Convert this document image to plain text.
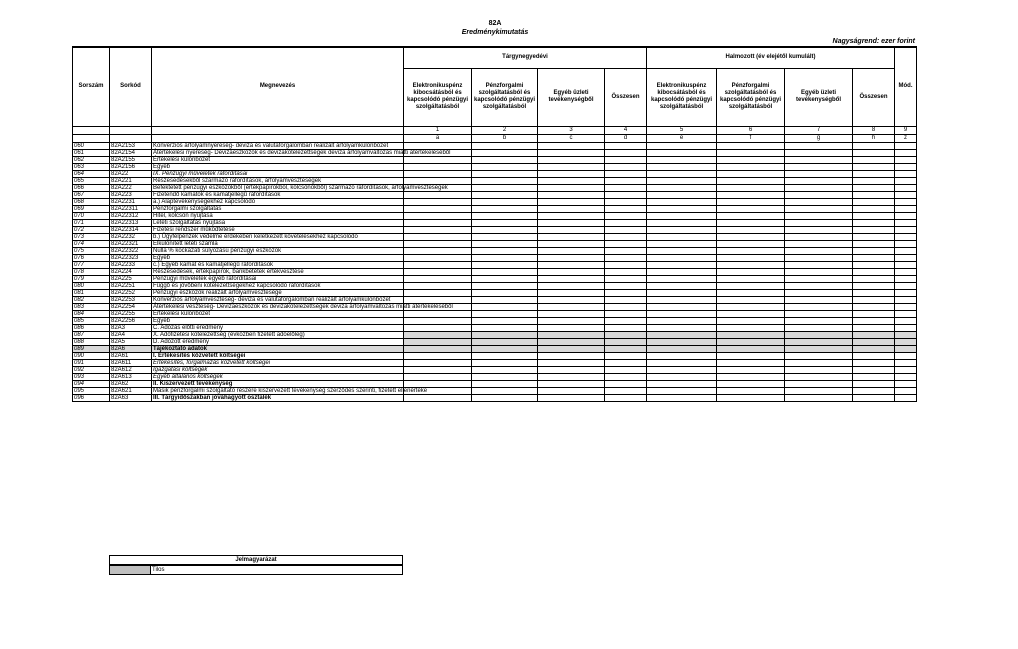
82A
Eredménykimutatás
Nagyságrend: ezer forint
Sorszám	Sorkód	Megnevezés	Tárgynegyedévi				Halmozott (év elejétől kumulált)				Mód.
			Elektronikuspénz kibocsátásból és kapcsolódó pénzügyi szolgáltatásból	Pénzforgalmi szolgáltatásból és kapcsolódó pénzügyi szolgáltatásból	Egyéb üzleti tevékenységből	Összesen	Elektronikuspénz kibocsátásból és kapcsolódó pénzügyi szolgáltatásból	Pénzforgalmi szolgáltatásból és kapcsolódó pénzügyi szolgáltatásból	Egyéb üzleti tevékenységből	Összesen	
			1	2	3	4	5	6	7	8	9
			a	b	c	d	e	f	g	h	z
060	82A2153	Konverziós árfolyamnyereség- deviza és valutaforgalomban realizált árfolyamkülönbözet									
061	82A2154	Átértékelési nyereség- Devizaeszközök és devizakötelezettségek deviza árfolyamváltozás miatti átértékeléséből									
062	82A2155	Értékelési különbözet									
063	82A2156	Egyéb									
064	82A22	IX. Pénzügyi műveletek ráfordításai									
065	82A221	Részesedésekből származó ráfordítások, árfolyamveszteségek									
066	82A222	Befektetett pénzügyi eszközökből (értékpapírokból, kölcsönökből) származó ráfordítások, árfolyamveszteségek									
067	82A223	Fizetendő kamatok és kamatjellegű ráfordítások									
068	82A2231	a.) Alaptevékenységekhez kapcsolódó									
069	82A22311	Pénzforgalmi szolgáltatás									
070	82A22312	Hitel, kölcsön nyújtása									
071	82A22313	Letéti szolgáltatás nyújtása									
072	82A22314	Fizetési rendszer működtetése									
073	82A2232	b.) Ügyfélpénzek védelme érdekében keletkezett követelésekhez kapcsolódó									
074	82A22321	Elkülönített letéti számla									
075	82A22322	Nulla % kockázati súlyozású pénzügyi eszközök									
076	82A22323	Egyéb									
077	82A2233	c.) Egyéb kamat és kamatjellegű ráfordítások									
078	82A224	Részesedések, értékpapírok, bankbetétek értékvesztése									
079	82A225	Pénzügyi műveletek egyéb ráfordításai									
080	82A2251	Függő és jövőbeni kötelezettségekhez kapcsolódó ráfordítások									
081	82A2252	Pénzügyi eszközök realizált árfolyamvesztesége									
082	82A2253	Konverziós árfolyamveszteség- deviza és valutaforgalomban realizált árfolyamkülönbözet									
083	82A2254	Átértékelési veszteség- Devizaeszközök és devizakötelezettségek deviza árfolyamváltozás miatti átértékeléséből									
084	82A2255	Értékelési különbözet									
085	82A2256	Egyéb									
086	82A3	C. Adózás előtti eredmény									
087	82A4	X. Adófizetési kötelezettség (évközben fizetett adóelőleg)									
088	82A5	D. Adózott eredmény									
089	82A6	Tájékoztató adatok									
090	82A61	I. Értékesítés közvetett költségei									
091	82A611	Értékesítés, forgalmazás közvetett költségei									
092	82A612	Igazgatási költségek									
093	82A613	Egyéb általános költségek									
094	82A62	II. Kiszervezett tevékenység									
095	82A621	Másik pénzforgalmi szolgáltató részére kiszervezett tevékenység szerződés szerinti, fizetett ellenértéke									
096	82A63	III. Tárgyidőszakban jóváhagyott osztalék									
Jelmagyarázat
	Tilos
